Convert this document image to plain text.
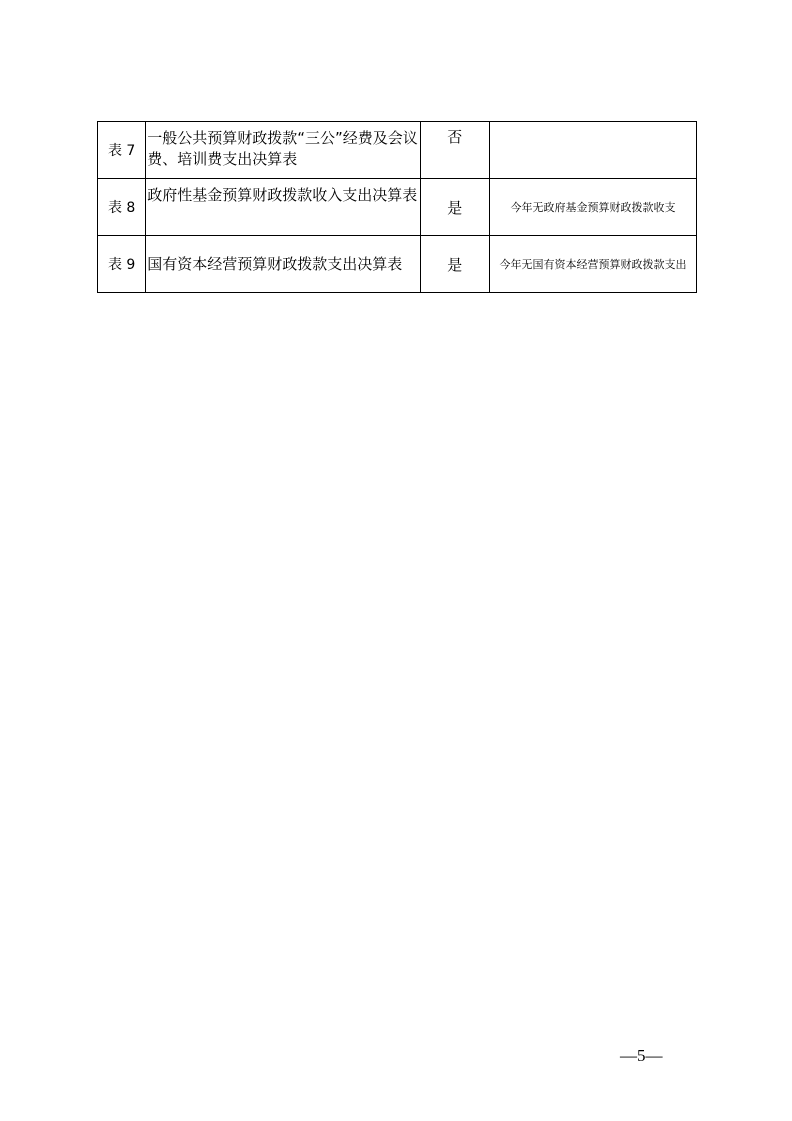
表 7	一般公共预算财政拨款“三公”经费及会议费、培训费支出决算表	否	
表 8	政府性基金预算财政拨款收入支出决算表	是	今年无政府基金预算财政拨款收支
表 9	国有资本经营预算财政拨款支出决算表	是	今年无国有资本经营预算财政拨款支出
—5—
